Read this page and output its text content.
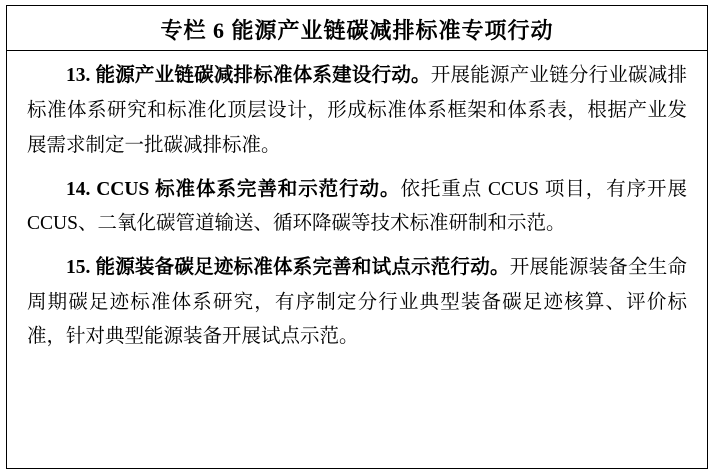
专栏 6 能源产业链碳减排标准专项行动

13. 能源产业链碳减排标准体系建设行动。开展能源产业链分行业碳减排标准体系研究和标准化顶层设计，形成标准体系框架和体系表，根据产业发展需求制定一批碳减排标准。

14. CCUS 标准体系完善和示范行动。依托重点 CCUS 项目，有序开展 CCUS、二氧化碳管道输送、循环降碳等技术标准研制和示范。

15. 能源装备碳足迹标准体系完善和试点示范行动。开展能源装备全生命周期碳足迹标准体系研究，有序制定分行业典型装备碳足迹核算、评价标准，针对典型能源装备开展试点示范。
